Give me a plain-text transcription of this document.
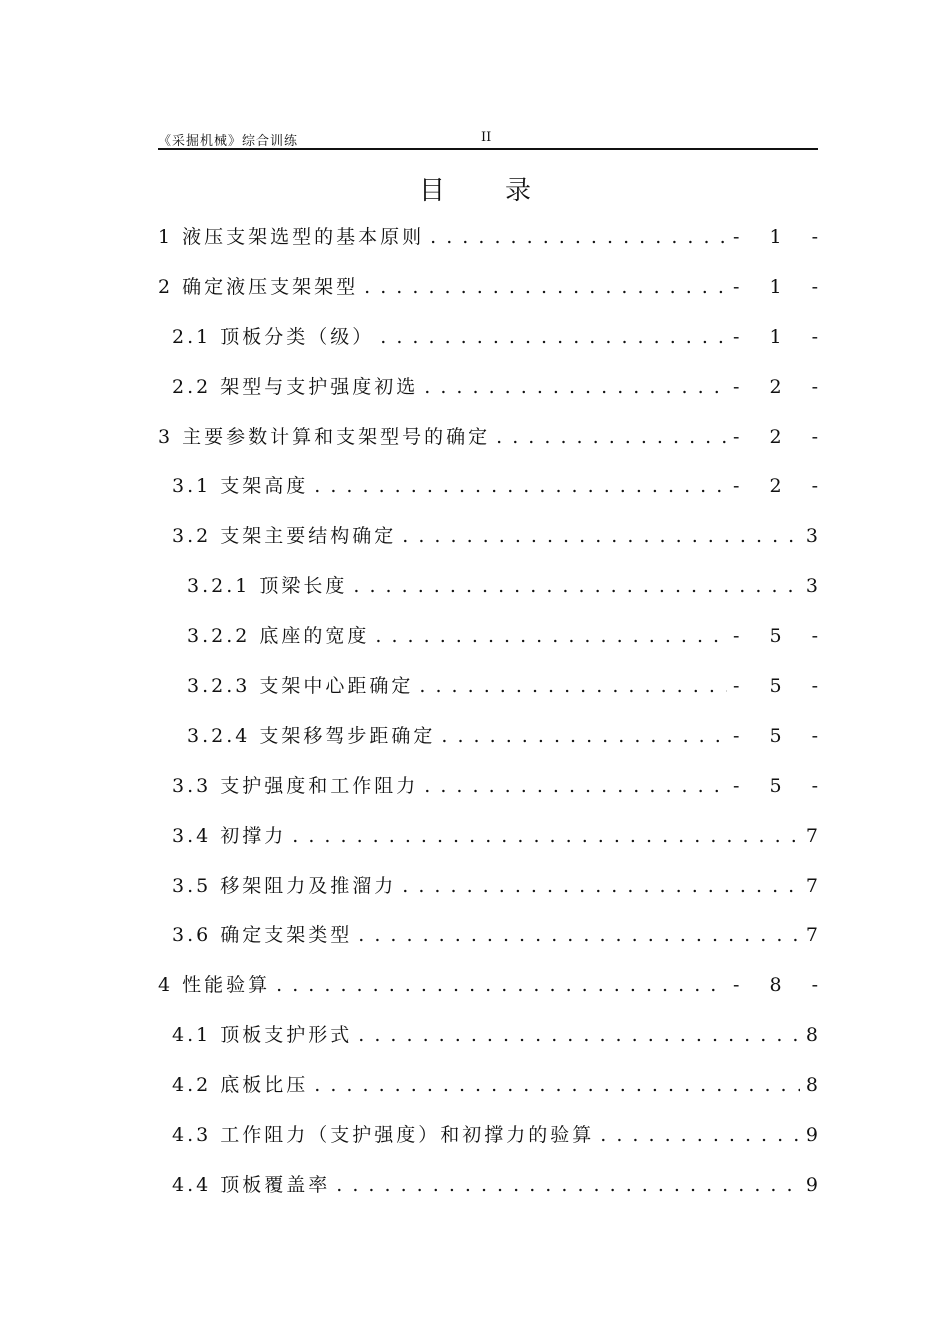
《采掘机械》综合训练	II
目录
1 液压支架选型的基本原则 . . .	- 1 -
2 确定液压支架架型 . . .	- 1 -
2.1 顶板分类（级） . . .	- 1 -
2.2 架型与支护强度初选 . . .	- 2 -
3 主要参数计算和支架型号的确定 . . .	- 2 -
3.1 支架高度 . . .	- 2 -
3.2 支架主要结构确定 . . .	3
3.2.1 顶梁长度 . . .	3
3.2.2 底座的宽度 . . .	- 5 -
3.2.3 支架中心距确定 . . .	- 5 -
3.2.4 支架移驾步距确定 . . .	- 5 -
3.3 支护强度和工作阻力 . . .	- 5 -
3.4 初撑力 . . .	7
3.5 移架阻力及推溜力 . . .	7
3.6 确定支架类型 . . .	7
4 性能验算 . . .	- 8 -
4.1 顶板支护形式 . . .	8
4.2 底板比压 . . .	8
4.3 工作阻力（支护强度）和初撑力的验算 . . .	9
4.4 顶板覆盖率 . . .	9
